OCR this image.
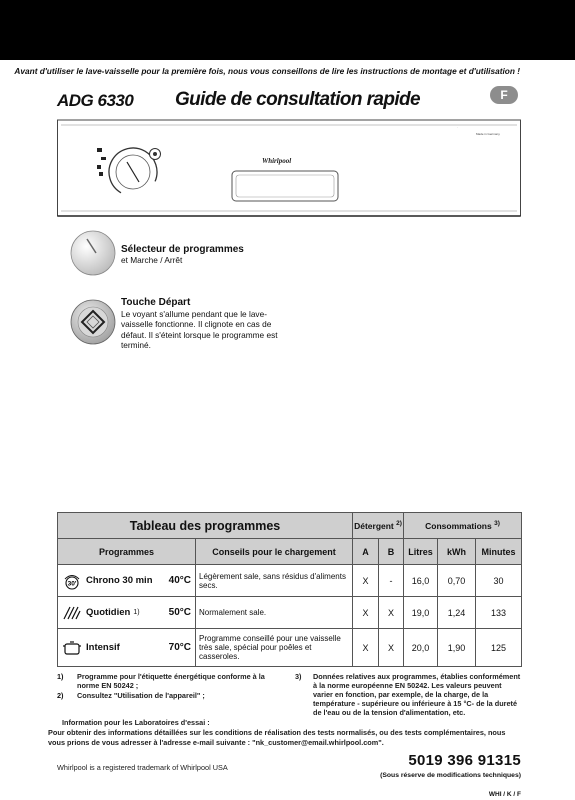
Avant d'utiliser le lave-vaisselle pour la première fois, nous vous conseillons de lire les instructions de montage et d'utilisation !
ADG 6330 Guide de consultation rapide	F
.
Whirlpool
Made in Germany
Sélecteur de programmes
et Marche / Arrêt
Touche Départ
Le voyant s'allume pendant que le lave-vaisselle fonctionne. Il clignote en cas de défaut. Il s'éteint lorsque le programme est terminé.
Tableau des programmes		Détergent $^{2)}$		Consommations $^{3)}$
Programmes	Conseils pour le chargement	A	B	Litres	kWh	Minutes

30' Chrono 30 min 40°C	Légèrement sale, sans résidus d'aliments secs.	X	-	16,0	0,70	30

Quotidien 1) 50°C	Normalement sale.	X	X	19,0	1,24	133

Intensif 70°C	Programme conseillé pour une vaisselle très sale, spécial pour poêles et casseroles.	X	X	20,0	1,90	125
1) Programme pour l'étiquette énergétique conforme à la norme EN 50242 ;
2) Consultez "Utilisation de l'appareil" ;
3) Données relatives aux programmes, établies conformément à la norme européenne EN 50242. Les valeurs peuvent varier en fonction, par exemple, de la charge, de la température - supérieure ou inférieure à 15 °C- de la dureté de l'eau ou de la tension d'alimentation, etc.
Information pour les Laboratoires d'essai :
Pour obtenir des informations détaillées sur les conditions de réalisation des tests normalisés, ou des tests complémentaires, nous vous prions de vous adresser à l'adresse e-mail suivante : "nk_customer@email.whirlpool.com".
Whirlpool is a registered trademark of Whirlpool USA	5019 396 91315
(Sous réserve de modifications techniques)
WHI / K / F
